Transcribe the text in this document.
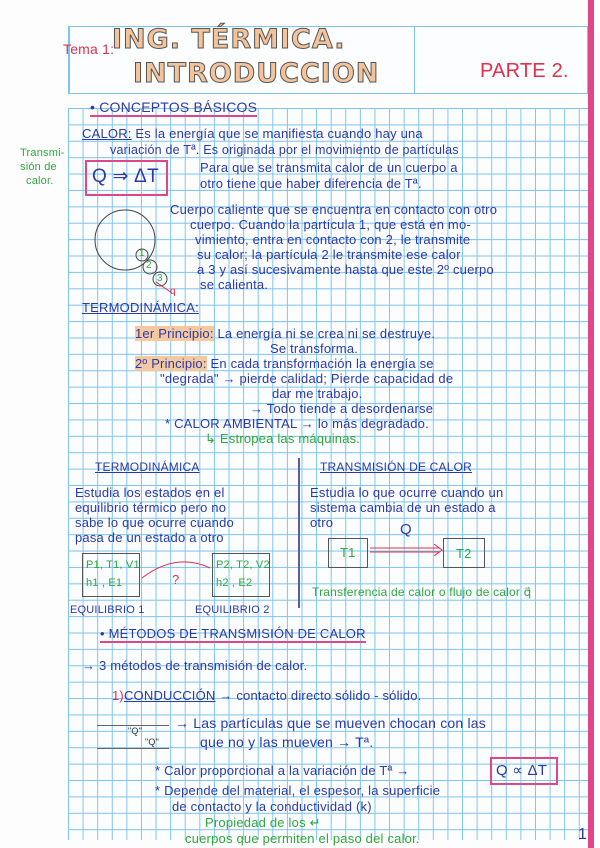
Tema 1:
ING. TÉRMICA.
INTRODUCCION	PARTE 2.
• CONCEPTOS BÁSICOS
CALOR: Es la energía que se manifiesta cuando hay una
variación de Tª. Es originada por el movimiento de partículas
Transmi-
sión de
calor. Q ⇒ ΔT	Para que se transmita calor de un cuerpo a
otro tiene que haber diferencia de Tª.
1
2
3
q
Cuerpo caliente que se encuentra en contacto con otro
cuerpo. Cuando la partícula 1, que está en mo-
vimiento, entra en contacto con 2, le transmite
su calor; la partícula 2 le transmite ese calor
a 3 y así sucesivamente hasta que este 2º cuerpo
se calienta.
TERMODINÁMICA:
1er Principio: La energía ni se crea ni se destruye.
Se transforma.
2º Principio: En cada transformación la energía se
"degrada" → pierde calidad; Pierde capacidad de
dar me trabajo.
→ Todo tiende a desordenarse
* CALOR AMBIENTAL → lo más degradado.
↳ Estropea las máquinas.
TERMODINÁMICA	TRANSMISIÓN DE CALOR
Estudia los estados en el
equilibrio térmico pero no
sabe lo que ocurre cuando
pasa de un estado a otro
P1, T1, V1
h1 , E1
P2, T2, V2
h2 , E2
?
EQUILIBRIO 1	EQUILIBRIO 2
Estudia lo que ocurre cuando un
sistema cambia de un estado a
otro
T1	T2
Q
Transferencia de calor o flujo de calor q⃗
• MÉTODOS DE TRANSMISIÓN DE CALOR
→ 3 métodos de transmisión de calor.
1)CONDUCCIÓN → contacto directo sólido - sólido.
"Q"
"Q"
→ Las partículas que se mueven chocan con las
que no y las mueven → Tª.
* Calor proporcional a la variación de Tª →	Q ∝ ΔT
* Depende del material, el espesor, la superficie
de contacto y la conductividad (k)
Propiedad de los ↵
cuerpos que permiten el paso del calor.	1
